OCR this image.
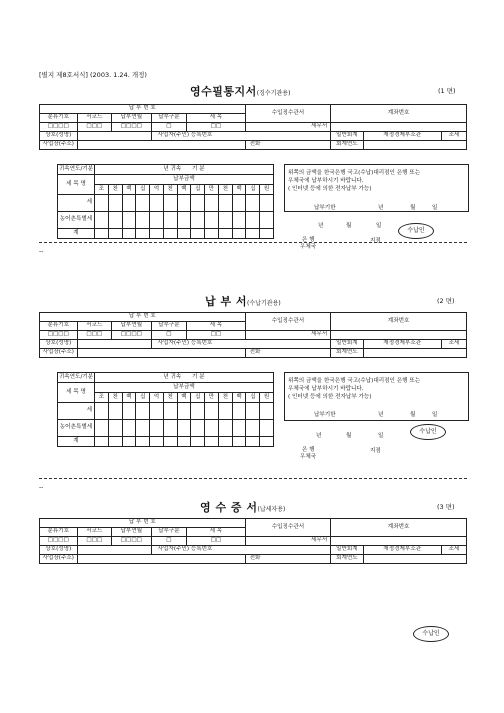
[별지 제8호서식] (2003. 1.24. 개정)
영수필통지서(징수기관용)	(1 면)
납 부 번 호					수입징수관서	계좌번호		
분류기호	서코드	납부연월	납부구분	세 목				
□□□□	□□□	□□□□	□	□□	세무서			
상호(성명)			사업자(주민) 등록번호			일반회계	재정경제부소관	조세
사업장(주소)					전화	회계연도		
귀속연도/기분	년 귀속 기 분												
세 목 명	납부금액												
	조	천	백	십	억	천	백	십	만	천	백	십	원
세													
농어촌특별세													
계													
위쪽의 금액을 한국은행 국고(수납)대리점인 은행 또는
우체국에 납부하시기 바랍니다.
( 인터넷 등에 의한 전자납부 가능)
납부기한	년	월	일
년	월	일
은 행
우체국
지점
수납인
--
납 부 서(수납기관용)	(2 면)
납 부 번 호					수입징수관서	계좌번호		
분류기호	서코드	납부연월	납부구분	세 목				
□□□□	□□□	□□□□	□	□□	세무서			
상호(성명)			사업자(주민) 등록번호			일반회계	재정경제부소관	조세
사업장(주소)					전화	회계연도		
귀속연도/기분	년 귀속 기 분												
세 목 명	납부금액												
	조	천	백	십	억	천	백	십	만	천	백	십	원
세													
농어촌특별세													
계													
위쪽의 금액을 한국은행 국고(수납)대리점인 은행 또는
우체국에 납부하시기 바랍니다.
( 인터넷 등에 의한 전자납부 가능)
납부기한	년	월	일
년	월	일
은 행
우체국
지점
수납인
--
영 수 증 서(납세자용)	(3 면)
납 부 번 호					수입징수관서	계좌번호		
분류기호	서코드	납부연월	납부구분	세 목				
□□□□	□□□	□□□□	□	□□	세무서			
상호(성명)			사업자(주민) 등록번호			일반회계	재정경제부소관	조세
사업장(주소)					전화	회계연도		
수납인
